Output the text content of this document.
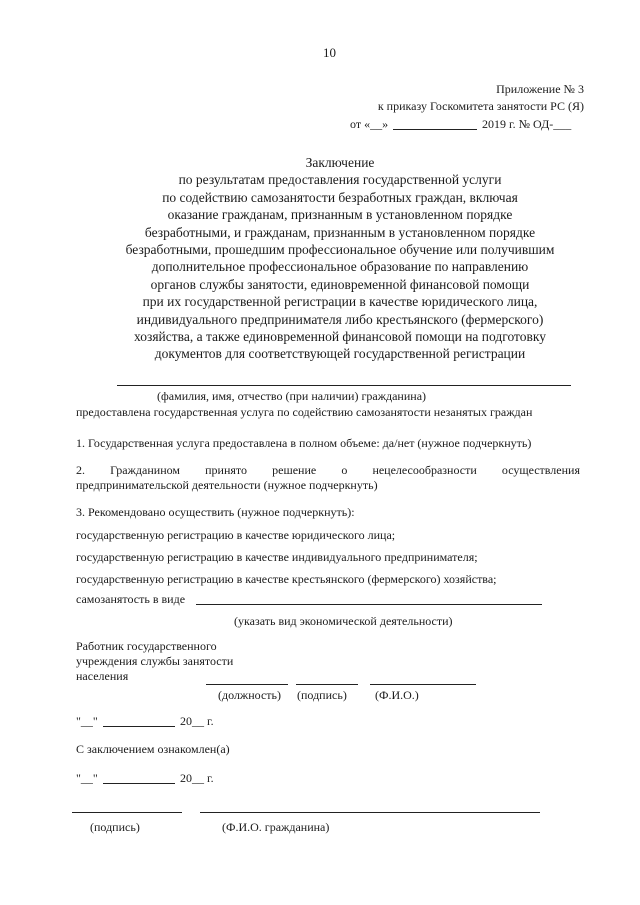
10
Приложение № 3
к приказу Госкомитета занятости РС (Я)
от «__»	2019 г. № ОД-___
Заключение
по результатам предоставления государственной услуги
по содействию самозанятости безработных граждан, включая
оказание гражданам, признанным в установленном порядке
безработными, и гражданам, признанным в установленном порядке
безработными, прошедшим профессиональное обучение или получившим
дополнительное профессиональное образование по направлению
органов службы занятости, единовременной финансовой помощи
при их государственной регистрации в качестве юридического лица,
индивидуального предпринимателя либо крестьянского (фермерского)
хозяйства, а также единовременной финансовой помощи на подготовку
документов для соответствующей государственной регистрации
(фамилия, имя, отчество (при наличии) гражданина)
предоставлена государственная услуга по содействию самозанятости незанятых граждан
1. Государственная услуга предоставлена в полном объеме: да/нет (нужное подчеркнуть)
2. Гражданином принято решение о нецелесообразности осуществления
предпринимательской деятельности (нужное подчеркнуть)
3. Рекомендовано осуществить (нужное подчеркнуть):
государственную регистрацию в качестве юридического лица;
государственную регистрацию в качестве индивидуального предпринимателя;
государственную регистрацию в качестве крестьянского (фермерского) хозяйства;
самозанятость в виде
(указать вид экономической деятельности)
Работник государственного
учреждения службы занятости
населения
(должность) (подпись) (Ф.И.О.)
"__"	20__ г.
С заключением ознакомлен(а)
"__"	20__ г.
(подпись)	(Ф.И.О. гражданина)
